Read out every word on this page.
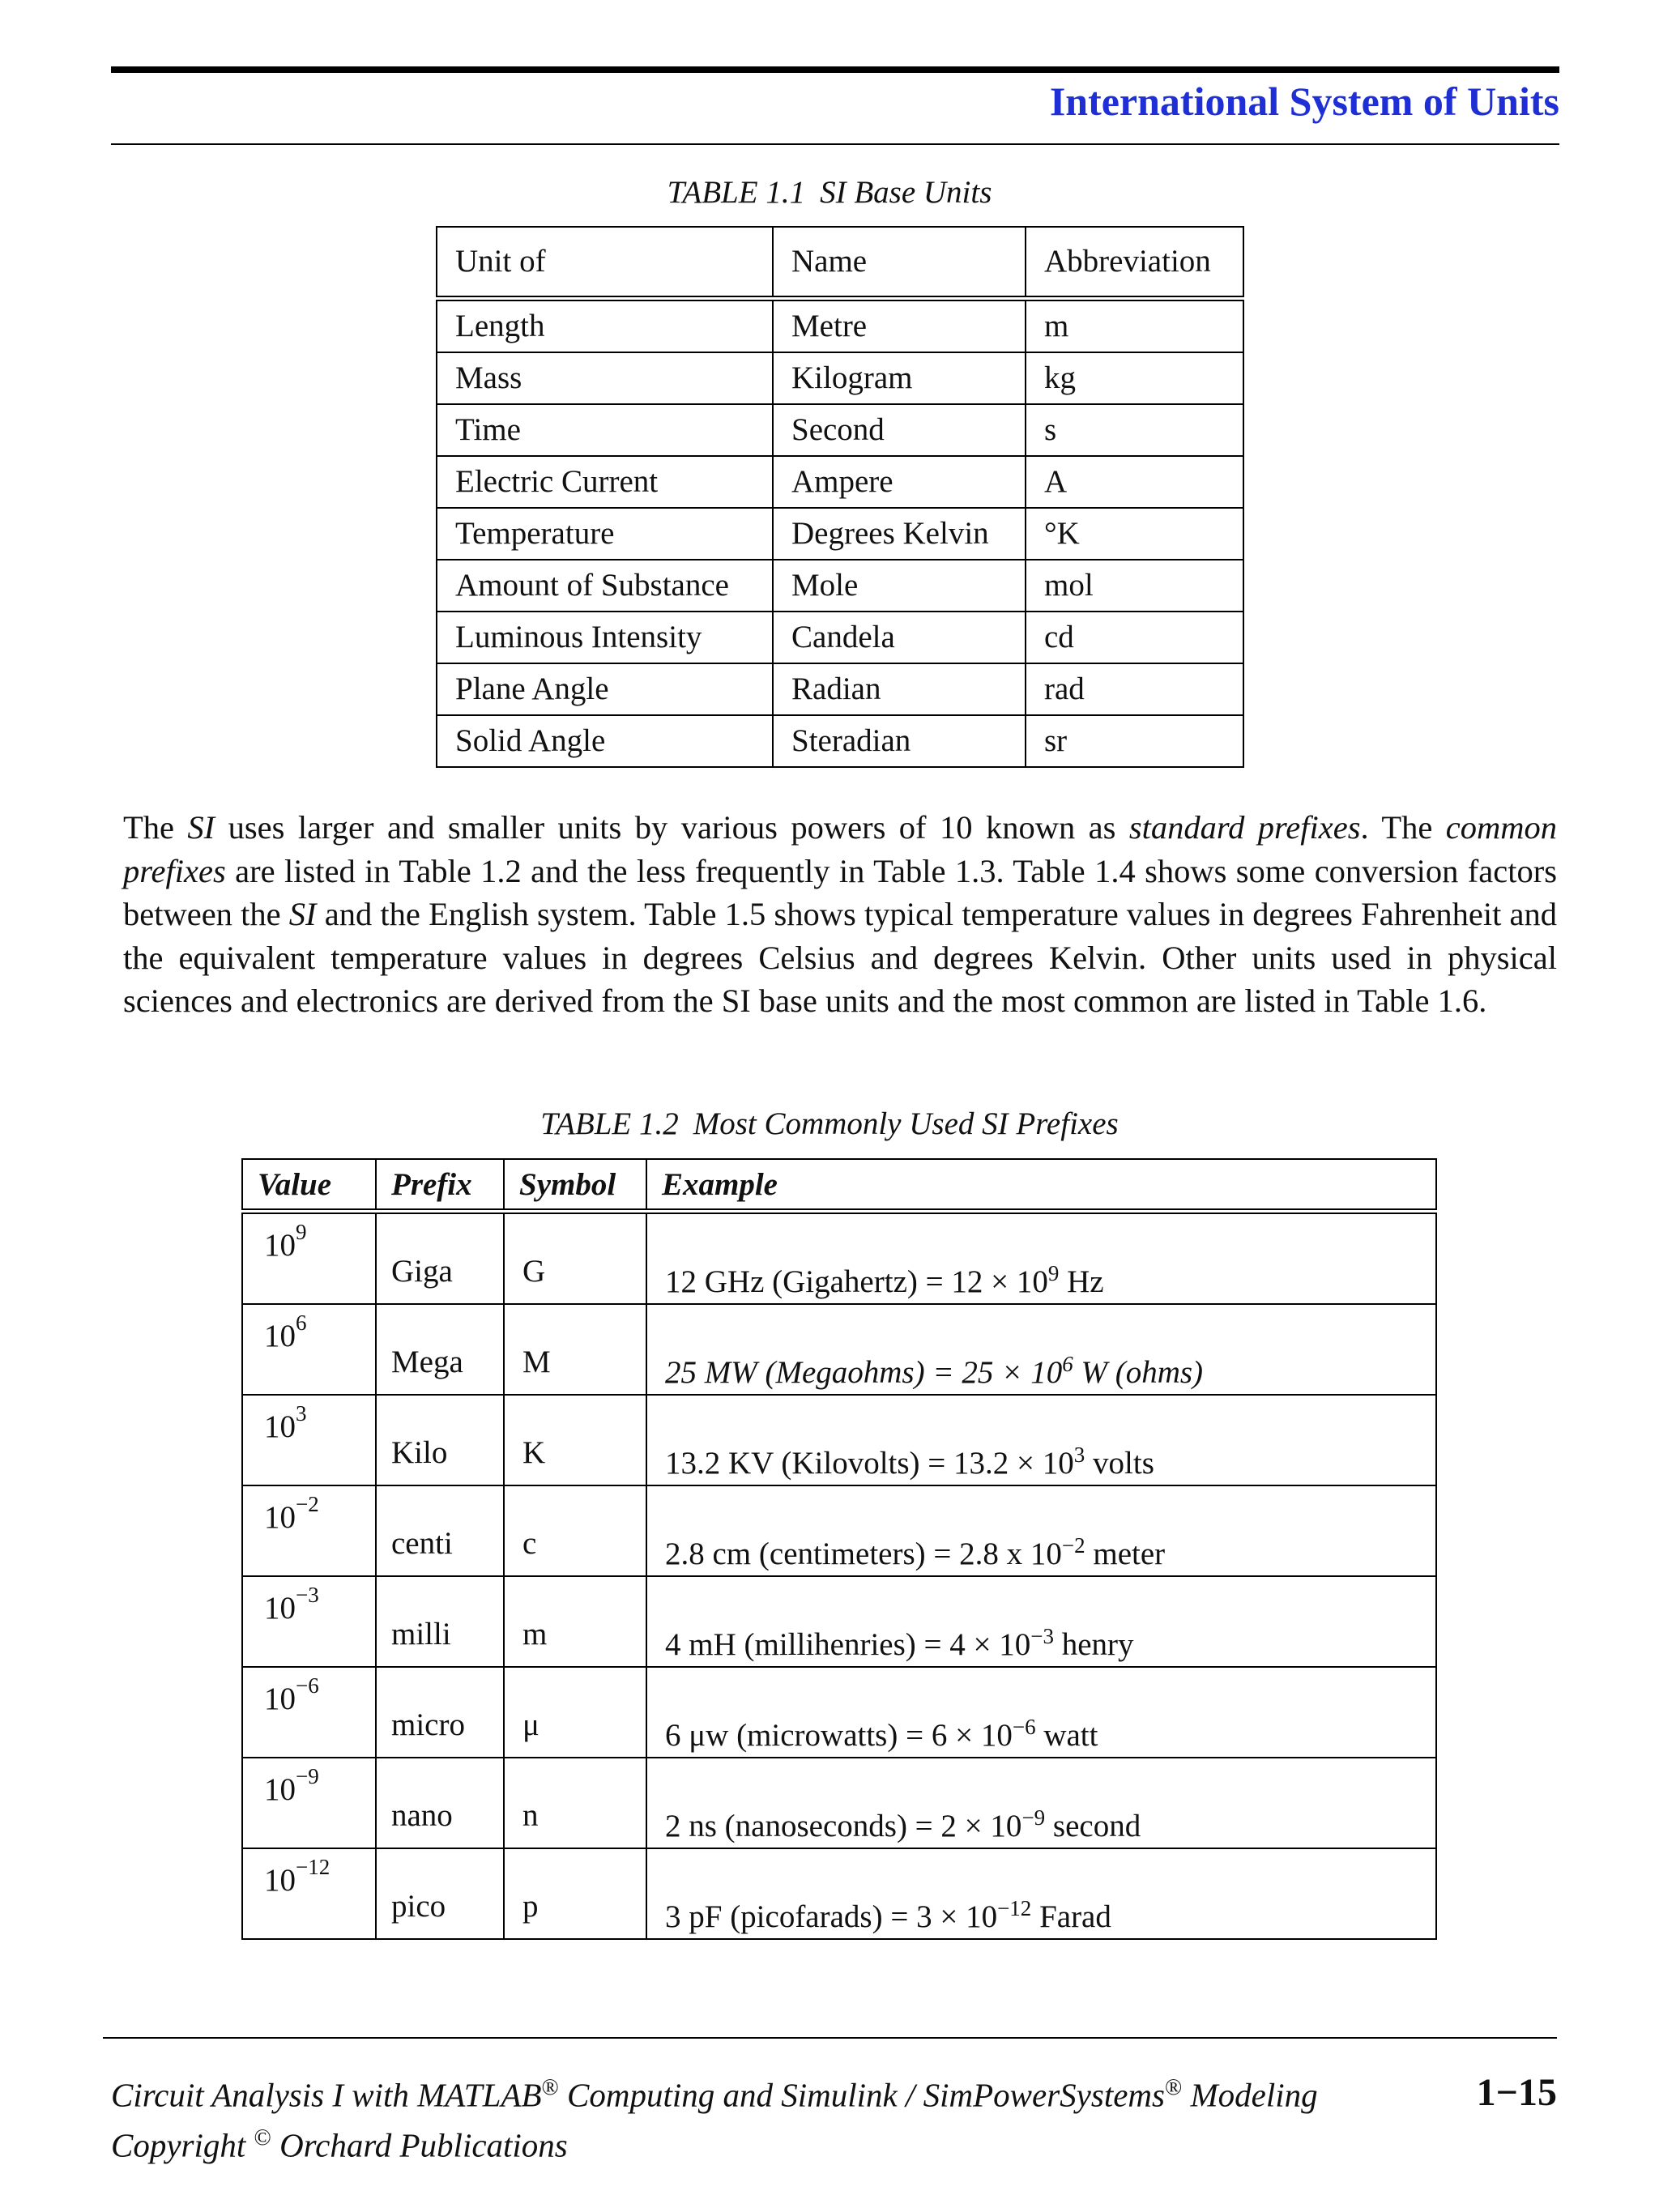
International System of Units
TABLE 1.1 SI Base Units
Unit of	Name	Abbreviation
Length	Metre	m
Mass	Kilogram	kg
Time	Second	s
Electric Current	Ampere	A
Temperature	Degrees Kelvin	°K
Amount of Substance	Mole	mol
Luminous Intensity	Candela	cd
Plane Angle	Radian	rad
Solid Angle	Steradian	sr
The SI uses larger and smaller units by various powers of 10 known as standard prefixes. The common prefixes are listed in Table 1.2 and the less frequently in Table 1.3. Table 1.4 shows some conversion factors between the SI and the English system. Table 1.5 shows typical temperature values in degrees Fahrenheit and the equivalent temperature values in degrees Celsius and degrees Kelvin. Other units used in physical sciences and electronics are derived from the SI base units and the most common are listed in Table 1.6.
TABLE 1.2 Most Commonly Used SI Prefixes
Value	Prefix	Symbol	Example

$10^9$	Giga	G	12 GHz (Gigahertz) = $12 \times 10^9$ Hz

$10^6$	Mega	M	25 MW (Megaohms) = $25 \times 10^6$ W (ohms)

$10^3$	Kilo	K	13.2 KV (Kilovolts) = $13.2 \times 10^3$ volts

$10^{-2}$	centi	c	2.8 cm (centimeters) = 2.8 x $10^{-2}$ meter

$10^{-3}$	milli	m	4 mH (millihenries) = $4 \times 10^{-3}$ henry

$10^{-6}$	micro	μ	6 μw (microwatts) = $6 \times 10^{-6}$ watt

$10^{-9}$	nano	n	2 ns (nanoseconds) = $2 \times 10^{-9}$ second

$10^{-12}$	pico	p	3 pF (picofarads) = $3 \times 10^{-12}$ Farad
Circuit Analysis I with MATLAB® Computing and Simulink / SimPowerSystems® Modeling	1−15
Copyright © Orchard Publications
